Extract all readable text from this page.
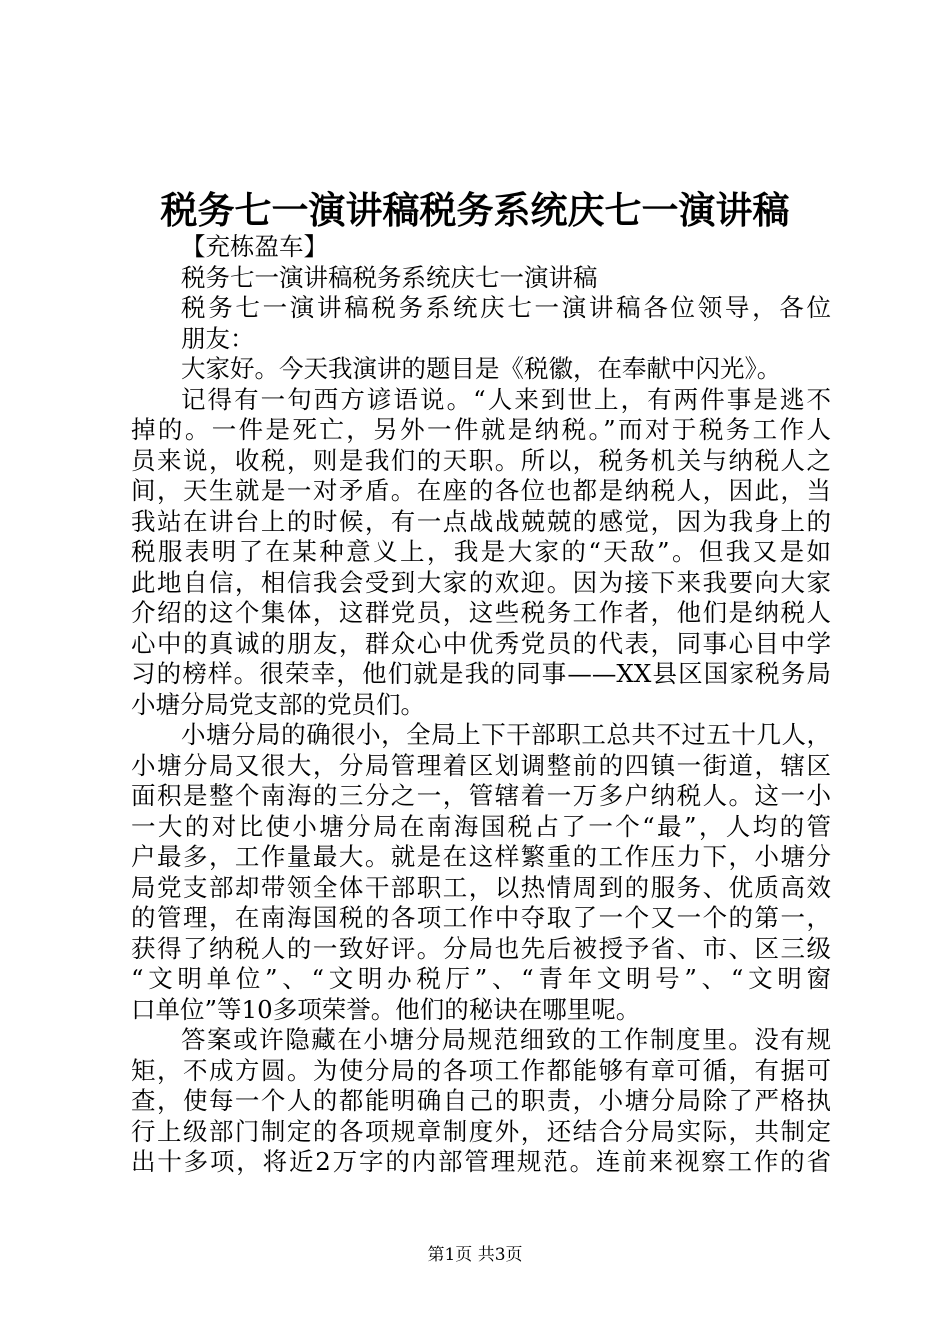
税务七一演讲稿税务系统庆七一演讲稿
【充栋盈车】
税务七一演讲稿税务系统庆七一演讲稿
税务七一演讲稿税务系统庆七一演讲稿各位领导，各位
朋友：
大家好。今天我演讲的题目是《税徽，在奉献中闪光》。
记得有一句西方谚语说。“人来到世上，有两件事是逃不
掉的。一件是死亡，另外一件就是纳税。”而对于税务工作人
员来说，收税，则是我们的天职。所以，税务机关与纳税人之
间，天生就是一对矛盾。在座的各位也都是纳税人，因此，当
我站在讲台上的时候，有一点战战兢兢的感觉，因为我身上的
税服表明了在某种意义上，我是大家的“天敌”。但我又是如
此地自信，相信我会受到大家的欢迎。因为接下来我要向大家
介绍的这个集体，这群党员，这些税务工作者，他们是纳税人
心中的真诚的朋友，群众心中优秀党员的代表，同事心目中学
习的榜样。很荣幸，他们就是我的同事——XX县区国家税务局
小塘分局党支部的党员们。
小塘分局的确很小，全局上下干部职工总共不过五十几人，
小塘分局又很大，分局管理着区划调整前的四镇一街道，辖区
面积是整个南海的三分之一，管辖着一万多户纳税人。这一小
一大的对比使小塘分局在南海国税占了一个“最”，人均的管
户最多，工作量最大。就是在这样繁重的工作压力下，小塘分
局党支部却带领全体干部职工，以热情周到的服务、优质高效
的管理，在南海国税的各项工作中夺取了一个又一个的第一，
获得了纳税人的一致好评。分局也先后被授予省、市、区三级
“文明单位”、“文明办税厅”、“青年文明号”、“文明窗
口单位”等10多项荣誉。他们的秘诀在哪里呢。
答案或许隐藏在小塘分局规范细致的工作制度里。没有规
矩，不成方圆。为使分局的各项工作都能够有章可循，有据可
查，使每一个人的都能明确自己的职责，小塘分局除了严格执
行上级部门制定的各项规章制度外，还结合分局实际，共制定
出十多项，将近2万字的内部管理规范。连前来视察工作的省
第1页 共3页
